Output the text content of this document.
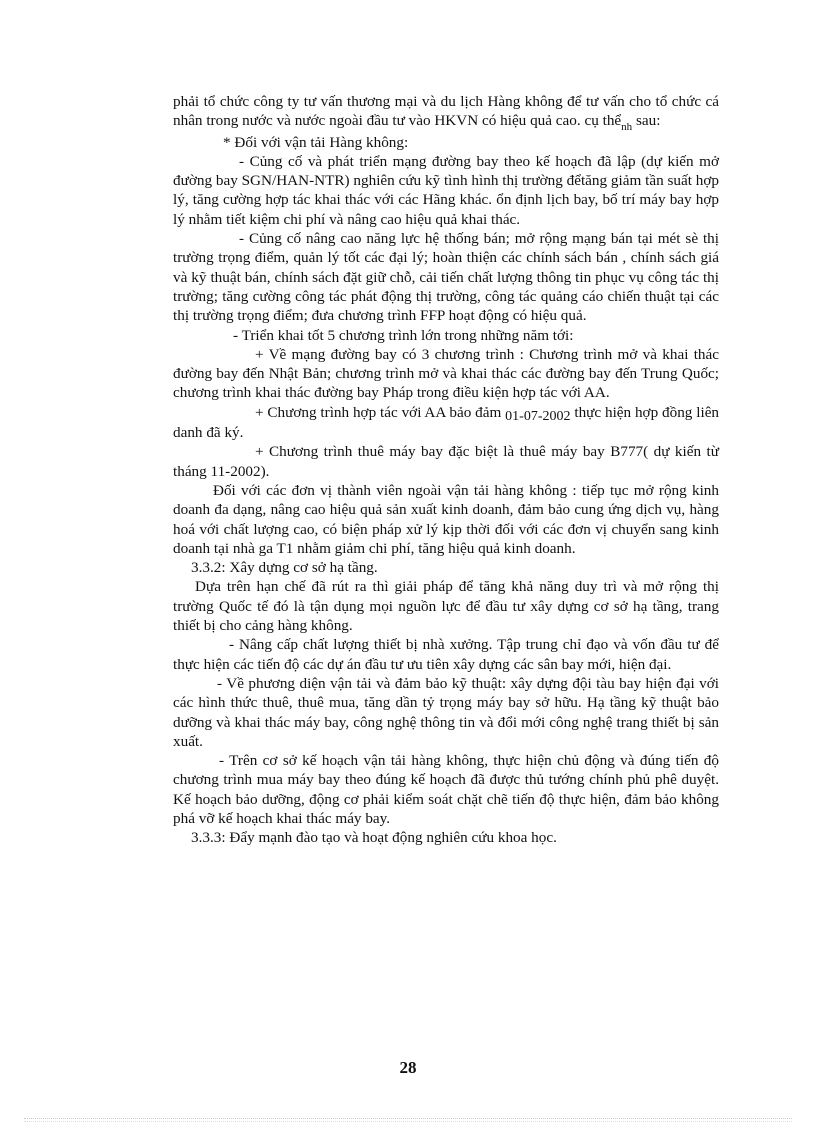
phải tổ chức công ty tư vấn thương mại và du lịch Hàng không để tư vấn cho tổ chức cá nhân trong nước và nước ngoài đầu tư vào HKVN có hiệu quả cao. cụ thể$_{nh}$ sau:

* Đối với vận tải Hàng không:

- Củng cố và phát triển mạng đường bay theo kế hoạch đã lập (dự kiến mở đường bay SGN/HAN-NTR) nghiên cứu kỹ tình hình thị trường đểtăng giảm tần suất hợp lý, tăng cường hợp tác khai thác với các Hãng khác. ổn định lịch bay, bố trí máy bay hợp lý nhằm tiết kiệm chi phí và nâng cao hiệu quả khai thác.

- Củng cố nâng cao năng lực hệ thống bán; mở rộng mạng bán tại mét sè thị trường trọng điểm, quản lý tốt các đại lý; hoàn thiện các chính sách bán , chính sách giá và kỹ thuật bán, chính sách đặt giữ chỗ, cải tiến chất lượng thông tin phục vụ công tác thị trường; tăng cường công tác phát động thị trường, công tác quảng cáo chiến thuật tại các thị trường trọng điểm; đưa chương trình FFP hoạt động có hiệu quả.

- Triển khai tốt 5 chương trình lớn trong những năm tới:

+ Về mạng đường bay có 3 chương trình : Chương trình mở và khai thác đường bay đến Nhật Bản; chương trình mở và khai thác các đường bay đến Trung Quốc; chương trình khai thác đường bay Pháp trong điều kiện hợp tác với AA.

+ Chương trình hợp tác với AA bảo đảm 01-07-2002 thực hiện hợp đồng liên danh đã ký.

+ Chương trình thuê máy bay đặc biệt là thuê máy bay B777( dự kiến từ tháng 11-2002).

Đối với các đơn vị thành viên ngoài vận tải hàng không : tiếp tục mở rộng kinh doanh đa dạng, nâng cao hiệu quả sản xuất kinh doanh, đảm bảo cung ứng dịch vụ, hàng hoá với chất lượng cao, có biện pháp xử lý kịp thời đối với các đơn vị chuyển sang kinh doanh tại nhà ga T1 nhằm giảm chi phí, tăng hiệu quả kinh doanh.

3.3.2: Xây dựng cơ sở hạ tầng.

Dựa trên hạn chế đã rút ra thì giải pháp để tăng khả năng duy trì và mở rộng thị trường Quốc tế đó là tận dụng mọi nguồn lực để đầu tư xây dựng cơ sở hạ tầng, trang thiết bị cho cảng hàng không.

- Nâng cấp chất lượng thiết bị nhà xưởng. Tập trung chỉ đạo và vốn đầu tư để thực hiện các tiến độ các dự án đầu tư ưu tiên xây dựng các sân bay mới, hiện đại.

- Về phương diện vận tải và đảm bảo kỹ thuật: xây dựng đội tàu bay hiện đại với các hình thức thuê, thuê mua, tăng dần tỷ trọng máy bay sở hữu. Hạ tầng kỹ thuật bảo dưỡng và khai thác máy bay, công nghệ thông tin và đổi mới công nghệ trang thiết bị sản xuất.

- Trên cơ sở kế hoạch vận tải hàng không, thực hiện chủ động và đúng tiến độ chương trình mua máy bay theo đúng kế hoạch đã được thủ tướng chính phủ phê duyệt. Kế hoạch bảo dưỡng, động cơ phải kiểm soát chặt chẽ tiến độ thực hiện, đảm bảo không phá vỡ kế hoạch khai thác máy bay.

3.3.3: Đẩy mạnh đào tạo và hoạt động nghiên cứu khoa học.

28
